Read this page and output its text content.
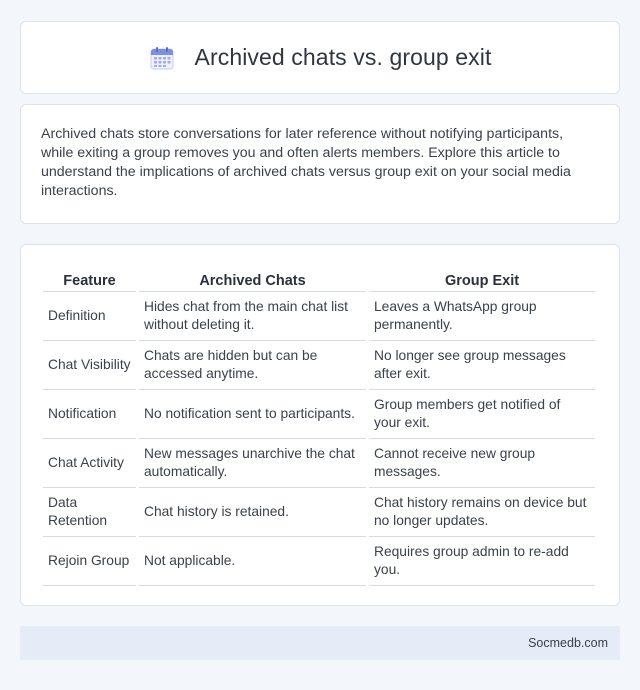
Archived chats vs. group exit

Archived chats store conversations for later reference without notifying participants, while exiting a group removes you and often alerts members. Explore this article to understand the implications of archived chats versus group exit on your social media interactions.

Feature	Archived Chats	Group Exit
Definition	Hides chat from the main chat list without deleting it.	Leaves a WhatsApp group permanently.
Chat Visibility	Chats are hidden but can be accessed anytime.	No longer see group messages after exit.
Notification	No notification sent to participants.	Group members get notified of your exit.
Chat Activity	New messages unarchive the chat automatically.	Cannot receive new group messages.
Data Retention	Chat history is retained.	Chat history remains on device but no longer updates.
Rejoin Group	Not applicable.	Requires group admin to re-add you.
Socmedb.com
